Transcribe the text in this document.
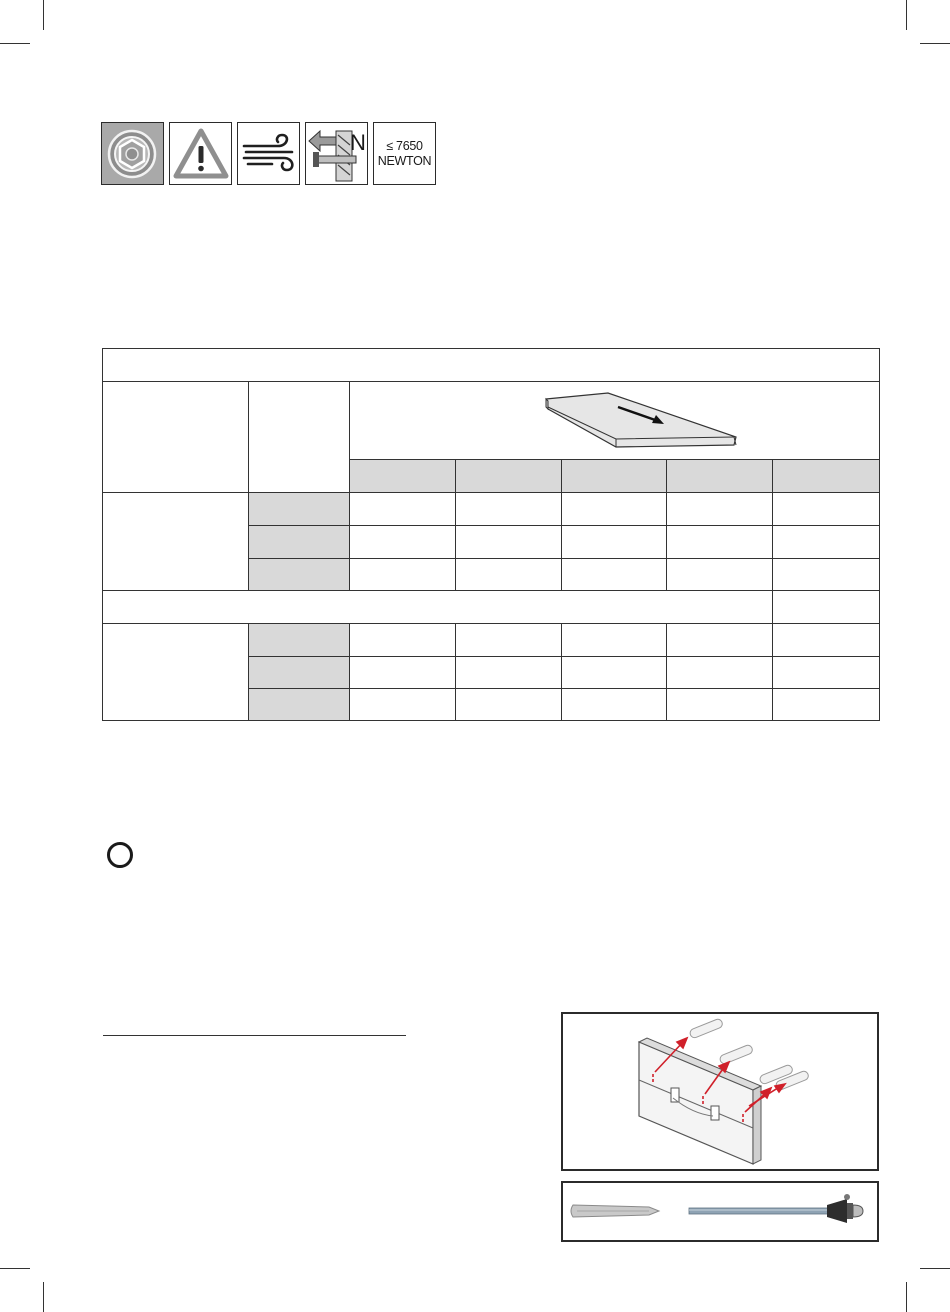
N ≤ 7650
NEWTON
